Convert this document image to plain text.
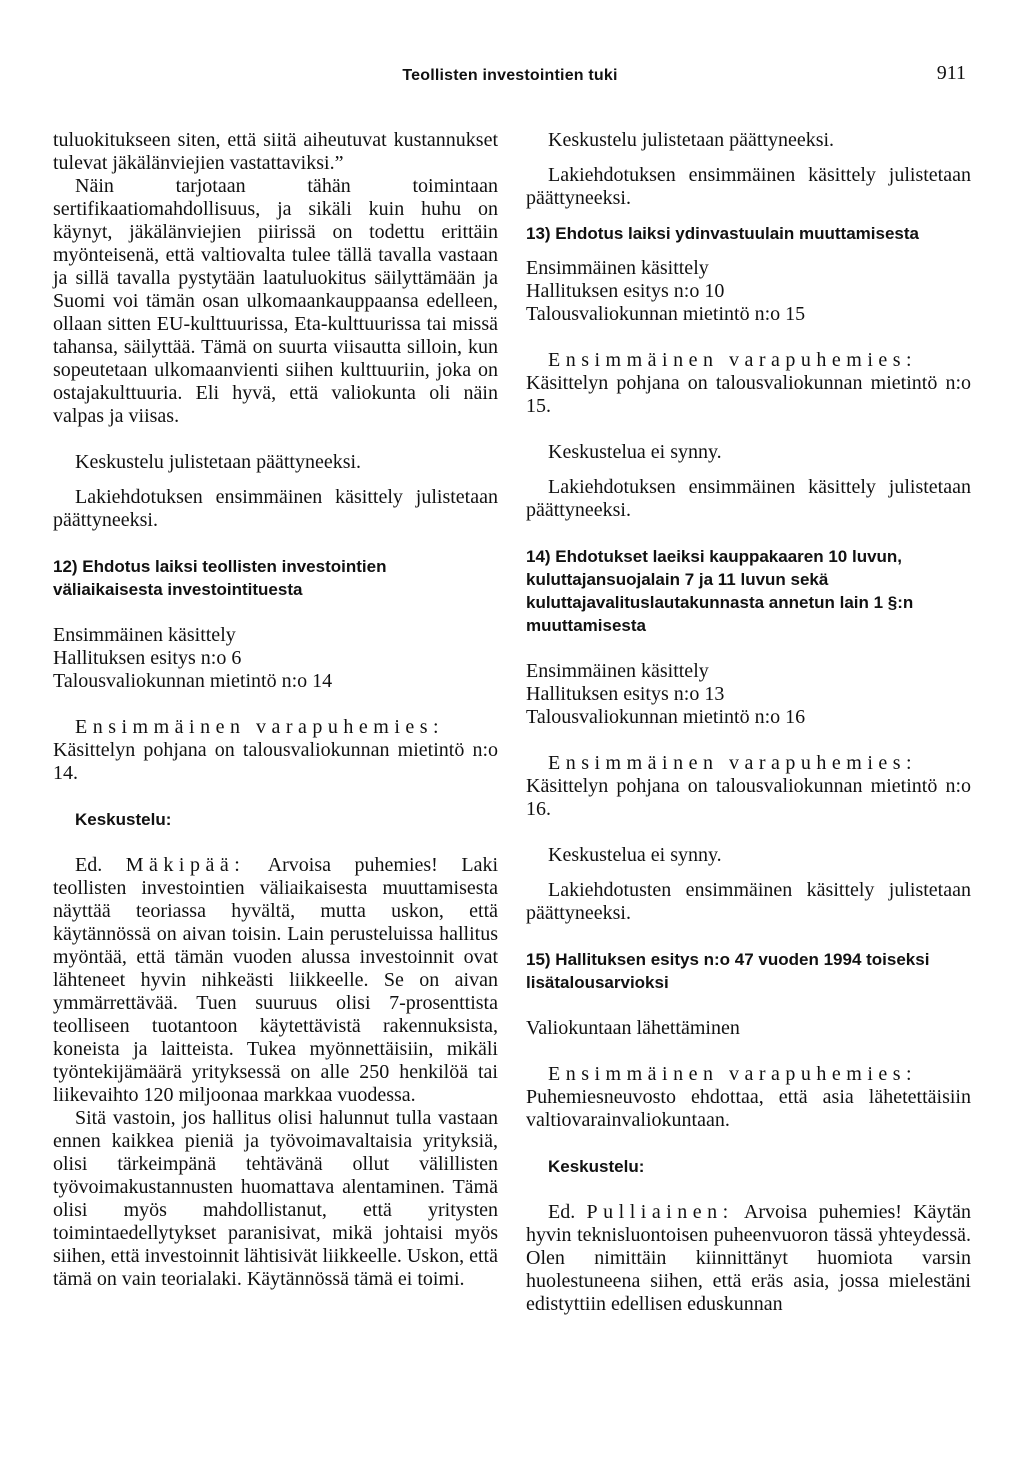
Teollisten investointien tuki	911

tuluokitukseen siten, että siitä aiheutuvat kustannukset tulevat jäkälänviejien vastattaviksi.”

Näin tarjotaan tähän toimintaan sertifikaatiomahdollisuus, ja sikäli kuin huhu on käynyt, jäkälänviejien piirissä on todettu erittäin myönteisenä, että valtiovalta tulee tällä tavalla vastaan ja sillä tavalla pystytään laatuluokitus säilyttämään ja Suomi voi tämän osan ulkomaankauppaansa edelleen, ollaan sitten EU-kulttuurissa, Eta-kulttuurissa tai missä tahansa, säilyttää. Tämä on suurta viisautta silloin, kun sopeutetaan ulkomaanvienti siihen kulttuuriin, joka on ostajakulttuuria. Eli hyvä, että valiokunta oli näin valpas ja viisas.

Keskustelu julistetaan päättyneeksi.

Lakiehdotuksen ensimmäinen käsittely julistetaan päättyneeksi.

12) Ehdotus laiksi teollisten investointien väliaikaisesta investointituesta

Ensimmäinen käsittely

Hallituksen esitys n:o 6

Talousvaliokunnan mietintö n:o 14

Ensimmäinen varapuhemies:

Käsittelyn pohjana on talousvaliokunnan mietintö n:o 14.

Keskustelu:

Ed. Mäkipää: Arvoisa puhemies! Laki teollisten investointien väliaikaisesta muuttamisesta näyttää teoriassa hyvältä, mutta uskon, että käytännössä on aivan toisin. Lain perusteluissa hallitus myöntää, että tämän vuoden alussa investoinnit ovat lähteneet hyvin nihkeästi liikkeelle. Se on aivan ymmärrettävää. Tuen suuruus olisi 7-prosenttista teolliseen tuotantoon käytettävistä rakennuksista, koneista ja laitteista. Tukea myönnettäisiin, mikäli työntekijämäärä yrityksessä on alle 250 henkilöä tai liikevaihto 120 miljoonaa markkaa vuodessa.

Sitä vastoin, jos hallitus olisi halunnut tulla vastaan ennen kaikkea pieniä ja työvoimavaltaisia yrityksiä, olisi tärkeimpänä tehtävänä ollut välillisten työvoimakustannusten huomattava alentaminen. Tämä olisi myös mahdollistanut, että yritysten toimintaedellytykset paranisivat, mikä johtaisi myös siihen, että investoinnit lähtisivät liikkeelle. Uskon, että tämä on vain teorialaki. Käytännössä tämä ei toimi.

Keskustelu julistetaan päättyneeksi.

Lakiehdotuksen ensimmäinen käsittely julistetaan päättyneeksi.

13) Ehdotus laiksi ydinvastuulain muuttamisesta

Ensimmäinen käsittely

Hallituksen esitys n:o 10

Talousvaliokunnan mietintö n:o 15

Ensimmäinen varapuhemies:

Käsittelyn pohjana on talousvaliokunnan mietintö n:o 15.

Keskustelua ei synny.

Lakiehdotuksen ensimmäinen käsittely julistetaan päättyneeksi.

14) Ehdotukset laeiksi kauppakaaren 10 luvun, kuluttajansuojalain 7 ja 11 luvun sekä kuluttajavalituslautakunnasta annetun lain 1 §:n muuttamisesta

Ensimmäinen käsittely

Hallituksen esitys n:o 13

Talousvaliokunnan mietintö n:o 16

Ensimmäinen varapuhemies:

Käsittelyn pohjana on talousvaliokunnan mietintö n:o 16.

Keskustelua ei synny.

Lakiehdotusten ensimmäinen käsittely julistetaan päättyneeksi.

15) Hallituksen esitys n:o 47 vuoden 1994 toiseksi lisätalousarvioksi

Valiokuntaan lähettäminen

Ensimmäinen varapuhemies:

Puhemiesneuvosto ehdottaa, että asia lähetettäisiin valtiovarainvaliokuntaan.

Keskustelu:

Ed. Pulliainen: Arvoisa puhemies! Käytän hyvin teknisluontoisen puheenvuoron tässä yhteydessä. Olen nimittäin kiinnittänyt huomiota varsin huolestuneena siihen, että eräs asia, jossa mielestäni edistyttiin edellisen eduskunnan
